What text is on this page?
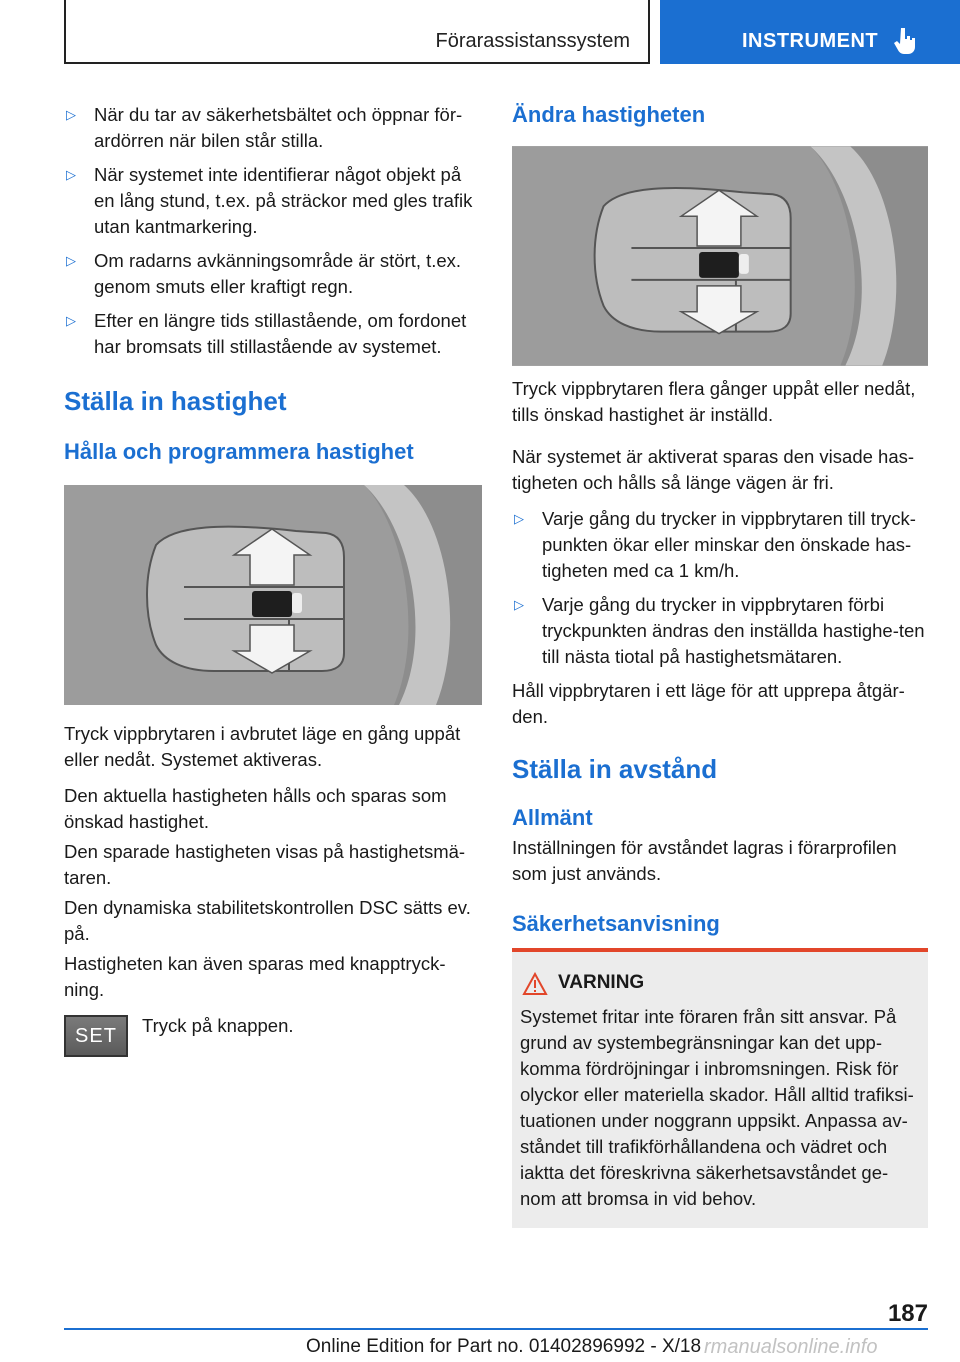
Förarassistanssystem	INSTRUMENT
▷ När du tar av säkerhetsbältet och öppnar för-ardörren när bilen står stilla.
▷ När systemet inte identifierar något objekt på en lång stund, t.ex. på sträckor med gles trafik utan kantmarkering.
▷ Om radarns avkänningsområde är stört, t.ex. genom smuts eller kraftigt regn.
▷ Efter en längre tids stillastående, om fordonet har bromsats till stillastående av systemet.
Ställa in hastighet
Hålla och programmera hastighet

Tryck vippbrytaren i avbrutet läge en gång uppåt eller nedåt. Systemet aktiveras.

Den aktuella hastigheten hålls och sparas som önskad hastighet.

Den sparade hastigheten visas på hastighetsmä-taren.

Den dynamiska stabilitetskontrollen DSC sätts ev. på.

Hastigheten kan även sparas med knapptryck-ning.

SET	Tryck på knappen.

Ändra hastigheten

Tryck vippbrytaren flera gånger uppåt eller nedåt, tills önskad hastighet är inställd.

När systemet är aktiverat sparas den visade has-tigheten och hålls så länge vägen är fri.

▷ Varje gång du trycker in vippbrytaren till tryck-punkten ökar eller minskar den önskade has-tigheten med ca 1 km/h.
▷ Varje gång du trycker in vippbrytaren förbi tryckpunkten ändras den inställda hastighe-ten till nästa tiotal på hastighetsmätaren.

Håll vippbrytaren i ett läge för att upprepa åtgär-den.

Ställa in avstånd
Allmänt

Inställningen för avståndet lagras i förarprofilen som just används.

Säkerhetsanvisning
VARNING

Systemet fritar inte föraren från sitt ansvar. På grund av systembegränsningar kan det upp-komma fördröjningar i inbromsningen. Risk för olyckor eller materiella skador. Håll alltid trafiksi-tuationen under noggrann uppsikt. Anpassa av-ståndet till trafikförhållandena och vädret och iaktta det föreskrivna säkerhetsavståndet ge-nom att bromsa in vid behov.

187
Online Edition for Part no. 01402896992 - X/18 rmanualsonline.info
